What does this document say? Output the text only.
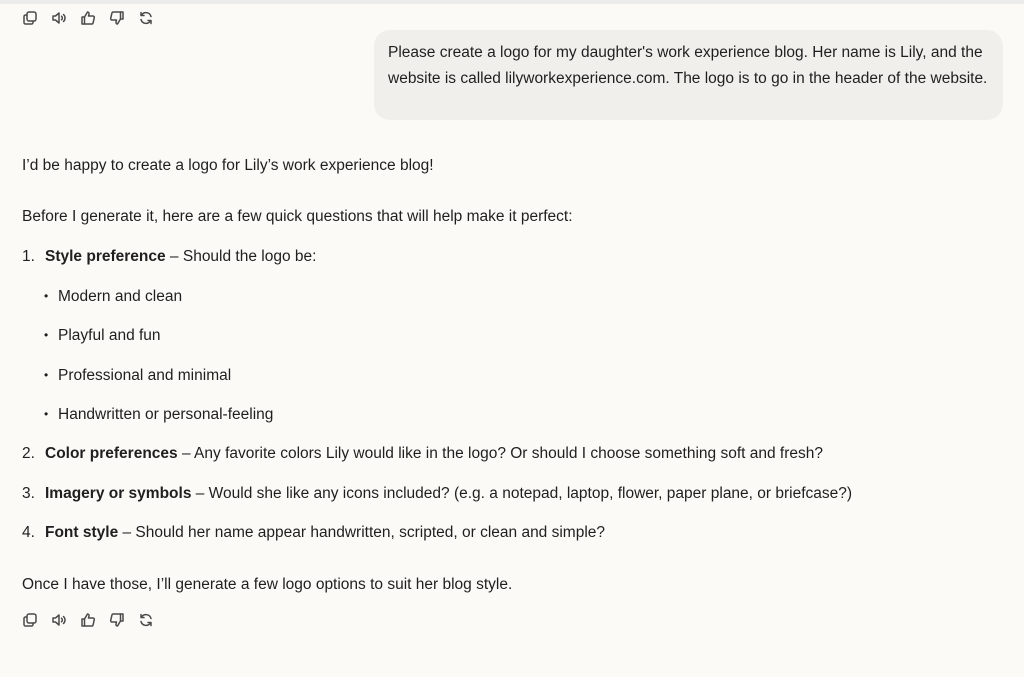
Please create a logo for my daughter's work experience blog. Her name is Lily, and the website is called lilyworkexperience.com. The logo is to go in the header of the website.
I’d be happy to create a logo for Lily’s work experience blog!
Before I generate it, here are a few quick questions that will help make it perfect:
1. Style preference – Should the logo be:
• Modern and clean
• Playful and fun
• Professional and minimal
• Handwritten or personal-feeling
2. Color preferences – Any favorite colors Lily would like in the logo? Or should I choose something soft and fresh?
3. Imagery or symbols – Would she like any icons included? (e.g. a notepad, laptop, flower, paper plane, or briefcase?)
4. Font style – Should her name appear handwritten, scripted, or clean and simple?
Once I have those, I’ll generate a few logo options to suit her blog style.
